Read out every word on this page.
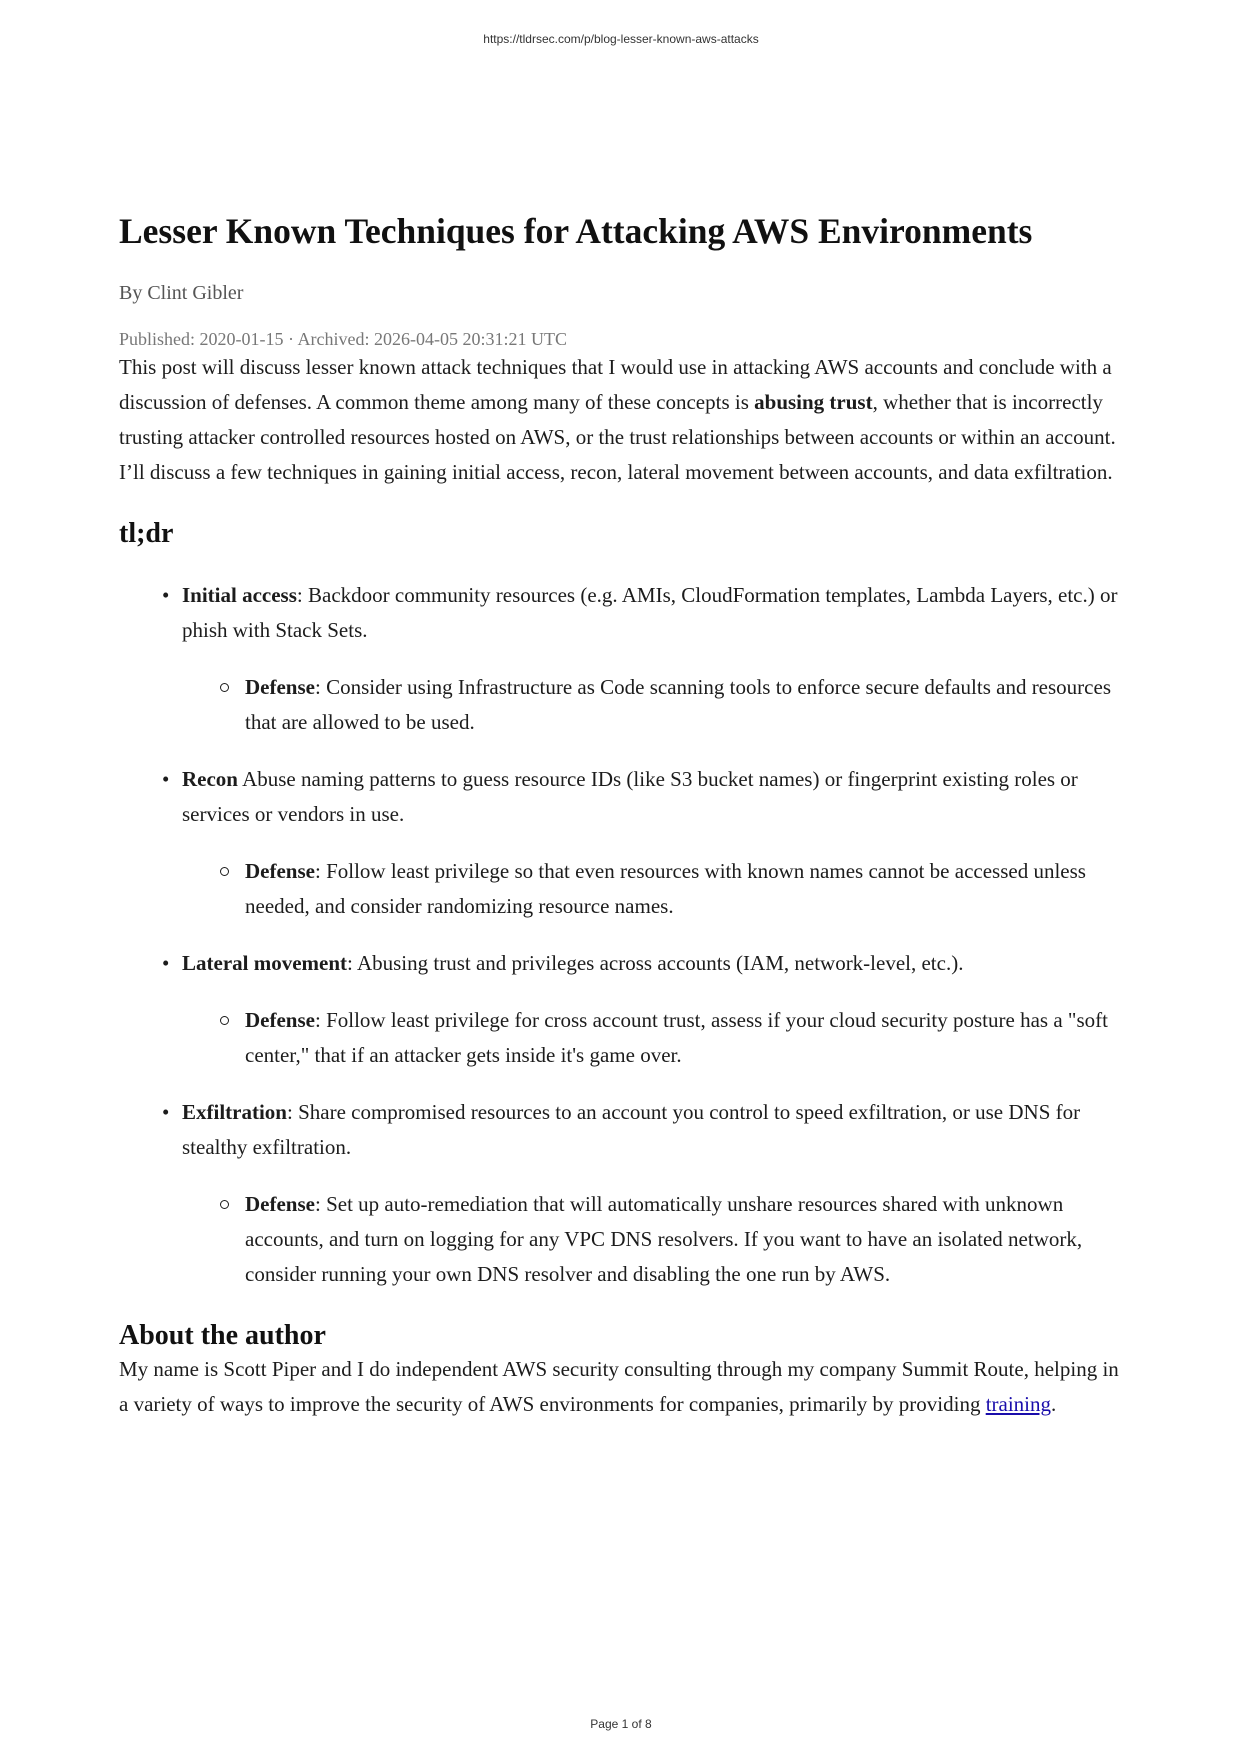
https://tldrsec.com/p/blog-lesser-known-aws-attacks
Lesser Known Techniques for Attacking AWS Environments
By Clint Gibler
Published: 2020-01-15 · Archived: 2026-04-05 20:31:21 UTC

This post will discuss lesser known attack techniques that I would use in attacking AWS accounts and conclude with a discussion of defenses. A common theme among many of these concepts is abusing trust, whether that is incorrectly trusting attacker controlled resources hosted on AWS, or the trust relationships between accounts or within an account.

I’ll discuss a few techniques in gaining initial access, recon, lateral movement between accounts, and data exfiltration.

tl;dr
• Initial access: Backdoor community resources (e.g. AMIs, CloudFormation templates, Lambda Layers, etc.) or phish with Stack Sets.
Defense: Consider using Infrastructure as Code scanning tools to enforce secure defaults and resources that are allowed to be used.
• Recon Abuse naming patterns to guess resource IDs (like S3 bucket names) or fingerprint existing roles or services or vendors in use.
Defense: Follow least privilege so that even resources with known names cannot be accessed unless needed, and consider randomizing resource names.
• Lateral movement: Abusing trust and privileges across accounts (IAM, network-level, etc.).
Defense: Follow least privilege for cross account trust, assess if your cloud security posture has a "soft center," that if an attacker gets inside it's game over.
• Exfiltration: Share compromised resources to an account you control to speed exfiltration, or use DNS for stealthy exfiltration.
Defense: Set up auto-remediation that will automatically unshare resources shared with unknown accounts, and turn on logging for any VPC DNS resolvers. If you want to have an isolated network, consider running your own DNS resolver and disabling the one run by AWS.
About the author

My name is Scott Piper and I do independent AWS security consulting through my company Summit Route, helping in a variety of ways to improve the security of AWS environments for companies, primarily by providing training.

Page 1 of 8
